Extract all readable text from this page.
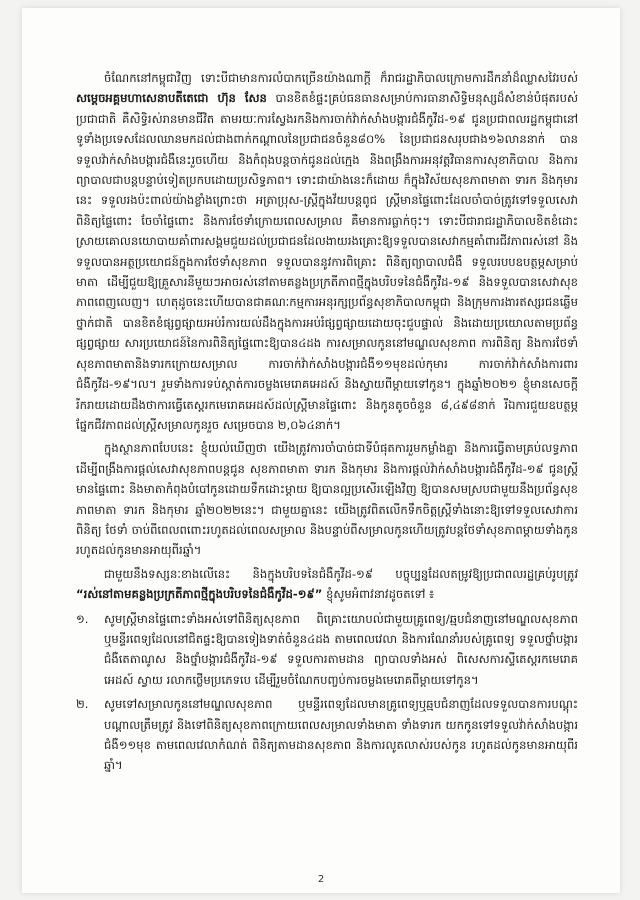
ចំណែកនៅកម្ពុជាវិញ ទោះបីជាមានការលំបាកច្រើនយ៉ាងណាក្តី ក៏រាជរដ្ឋាភិបាលក្រោមការដឹកនាំដ៏ឈ្លាសវៃរបស់ សម្តេចអគ្គមហាសេនាបតីតេជោ ហ៊ុន សែន បានខិតខំផ្ទះគ្រប់ធនធានសម្រាប់ការធានាសិទ្ធិមនុស្សដ៏សំខាន់បំផុតរបស់ប្រជាជាតិ គឺសិទ្ធិរស់រានមានជីវិត តាមរយៈការស្វែងរកនិងការចាក់វ៉ាក់សាំងបង្ការជំងឺកូវីដ-១៩ ជូនប្រជាពលរដ្ឋកម្ពុជានៅទូទាំងប្រទេសដែលឈានមកដល់ជាងពាក់កណ្តាលនៃប្រជាជនចំនួន៨០% នៃប្រជាជនសរុបជាង១៦លាននាក់ បានទទួលវ៉ាក់សាំងបង្ការជំងឺនេះរួចហើយ និងកំពុងបន្តចាក់ជូនដល់ក្មេង និងពង្រឹងការអនុវត្តវិធានការសុខាភិបាល និងការព្យាបាលជាបន្តបន្ទាប់ទៀតប្រកបដោយប្រសិទ្ធភាព។ ទោះជាយ៉ាងនេះក៏ដោយ ក៏ក្នុងវិស័យសុខភាពមាតា ទារក និងកុមារនេះ ទទួលរងប៉ះពាល់យ៉ាងខ្លាំងព្រោះថា អត្រាប្រុស-ស្រ្តីក្នុងវ័យបន្តពូជ ស្រ្តីមានផ្ទៃពោះដែលចាំបាច់ត្រូវទៅទទួលសេវាពិនិត្យផ្ទៃពោះ ចែចាំផ្ទៃពោះ និងការថែទាំក្រោយពេលសម្រាល គឺមានការធ្លាក់ចុះ។ ទោះបីជារាជរដ្ឋាភិបាលខិតខំដោះស្រាយគោលនយោបាយគាំពារសង្គមជួយដល់ប្រជាជនដែលងាយរងគ្រោះឱ្យទទួលបានសេវាកម្មគាំពារជីវភាពរស់នៅ និងទទួលបានអត្ថប្រយោជន៍ក្នុងការថែទាំសុខភាព ទទួលបាននូវការពិគ្រោះ ពិនិត្យព្យាបាលជំងឺ ទទួលរបបឧបត្ថម្ភសម្រាប់មាតា ដើម្បីជួយឱ្យគ្រួសារនីមួយៗអាចរស់នៅតាមគន្លងប្រក្រតីភាពថ្មីក្នុងបរិបទនៃជំងឺកូវីដ-១៩ និងទទួលបានសេវាសុខភាពពេញលេញ។ ហេតុដូចនេះហើយបានជាគណៈកម្មការអនុរក្សប្រព័ន្ធសុខាភិបាលកម្ពុជា និងក្រុមការងារឥស្សរជនឆ្លើមថ្នាក់ជាតិ បានខិតខំផ្សព្វផ្សាយអប់រំការយល់ដឹងក្នុងការអប់រំផ្សព្វផ្សាយដោយចុះជួបផ្ទាល់ និងដោយប្រយោលតាមប្រព័ន្ធផ្សព្វផ្សាយ សារប្រយោជន៍នៃការពិនិត្យផ្ទៃពោះឱ្យបាន៤ដង ការសម្រាលកូននៅមណ្ឌលសុខភាព ការពិនិត្យ និងការថែទាំសុខភាពមាតានិងទារកក្រោយសម្រាល ការចាក់វ៉ាក់សាំងបង្ការជំងឺ១១មុខដល់កុមារ ការចាក់វ៉ាក់សាំងការពារជំងឺកូវីដ-១៩។ល។ រួមទាំងការទប់ស្កាត់ការចម្លងមេរោគអេដស៍ និងស្វាយពីម្តាយទៅកូន។ ក្នុងឆ្នាំ២០២១ ខ្ញុំមានសេចក្តីរីករាយដោយដឹងថាការធ្វើតេស្តរកមេរោគអេដស៍ដល់ស្ត្រីមានផ្ទៃពោះ និងកូនតូចចំនួន ៨,៤៩៨នាក់ រីឯការជួយឧបត្ថម្ភផ្នែកជីវភាពដល់ស្ត្រីសម្រាលកូនរួច សម្រេចបាន ២,០៦៤នាក់។

ក្នុងស្ថានភាពបែបនេះ ខ្ញុំយល់ឃើញថា យើងត្រូវការចាំបាច់ជាទីបំផុតការរួមកម្លាំងគ្នា និងការធ្វើតាមគ្រប់លទ្ធភាពដើម្បីពង្រឹងការផ្តល់សេវាសុខភាពបន្តជូន សុខភាពមាតា ទារក និងកុមារ និងការផ្តល់វ៉ាក់សាំងបង្ការជំងឺកូវីដ-១៩ ជូនស្រ្តីមានផ្ទៃពោះ និងមាតាកំពុងបំបៅកូនដោយទឹកដោះម្តាយ ឱ្យបានល្អប្រសើរឡើងវិញ ឱ្យបានសមស្របជាមួយនឹងប្រព័ន្ធសុខភាពមាតា ទារក និងកុមារ ឆ្នាំ២០២២នេះ។ ជាមួយគ្នានេះ យើងត្រូវពិតលើកទឹកចិត្តស្ត្រីទាំងនោះឱ្យទៅទទួលសេវាការពិនិត្យ ថែទាំ ចាប់ពីពេលពពោះរហូតដល់ពេលសម្រាល និងបន្ទាប់ពីសម្រាលកូនហើយត្រូវបន្តថែទាំសុខភាពម្តាយទាំងកូនរហូតដល់កូនមានអាយុពីរឆ្នាំ។

ជាមួយនឹងទស្សនៈខាងលើនេះ និងក្នុងបរិបទនៃជំងឺកូវីដ-១៩ បច្ចុប្បន្នដែលតម្រូវឱ្យប្រជាពលរដ្ឋគ្រប់រូបត្រូវ “រស់នៅតាមគន្លងប្រក្រតីភាពថ្មីក្នុងបរិបទនៃជំងឺកូវីដ-១៩” ខ្ញុំសូមអំពាវនាវដូចតទៅ ៖

១. សូមស្រ្តីមានផ្ទៃពោះទាំងអស់ទៅពិនិត្យសុខភាព ពិគ្រោះយោបល់ជាមួយគ្រូពេទ្យ/ឆ្មបជំនាញនៅមណ្ឌលសុខភាព ឬមន្ទីរពេទ្យដែលនៅជិតផ្ទះឱ្យបានទៀងទាត់ចំនួន៤ដង តាមពេលវេលា និងការណែនាំរបស់គ្រូពេទ្យ ទទួលថ្នាំបង្ការជំងឺតេតាណូស និងថ្នាំបង្ការជំងឺកូវីដ-១៩ ទទួលការតាមដាន ព្យាបាលទាំងអស់ ពិសេសការស្ទីតេស្តរកមេរោគអេដស៍ ស្វាយ រលាកថ្លើមប្រភេទបេ ដើម្បីរួមចំណែកបញ្ចប់ការចម្លងមេរោគពីម្តាយទៅកូន។

២. សូមទៅសម្រាលកូននៅមណ្ឌលសុខភាព ឬមន្ទីរពេទ្យដែលមានគ្រូពេទ្យឬឆ្មបជំនាញដែលទទួលបានការបណ្តុះបណ្តាលត្រឹមត្រូវ និងទៅពិនិត្យសុខភាពក្រោយពេលសម្រាលទាំងមាតា ទាំងទារក យកកូនទៅទទួលវ៉ាក់សាំងបង្ការជំងឺ១១មុខ តាមពេលវេលាកំណត់ ពិនិត្យតាមដានសុខភាព និងការលូតលាស់របស់កូន រហូតដល់កូនមានអាយុពីរឆ្នាំ។

2
